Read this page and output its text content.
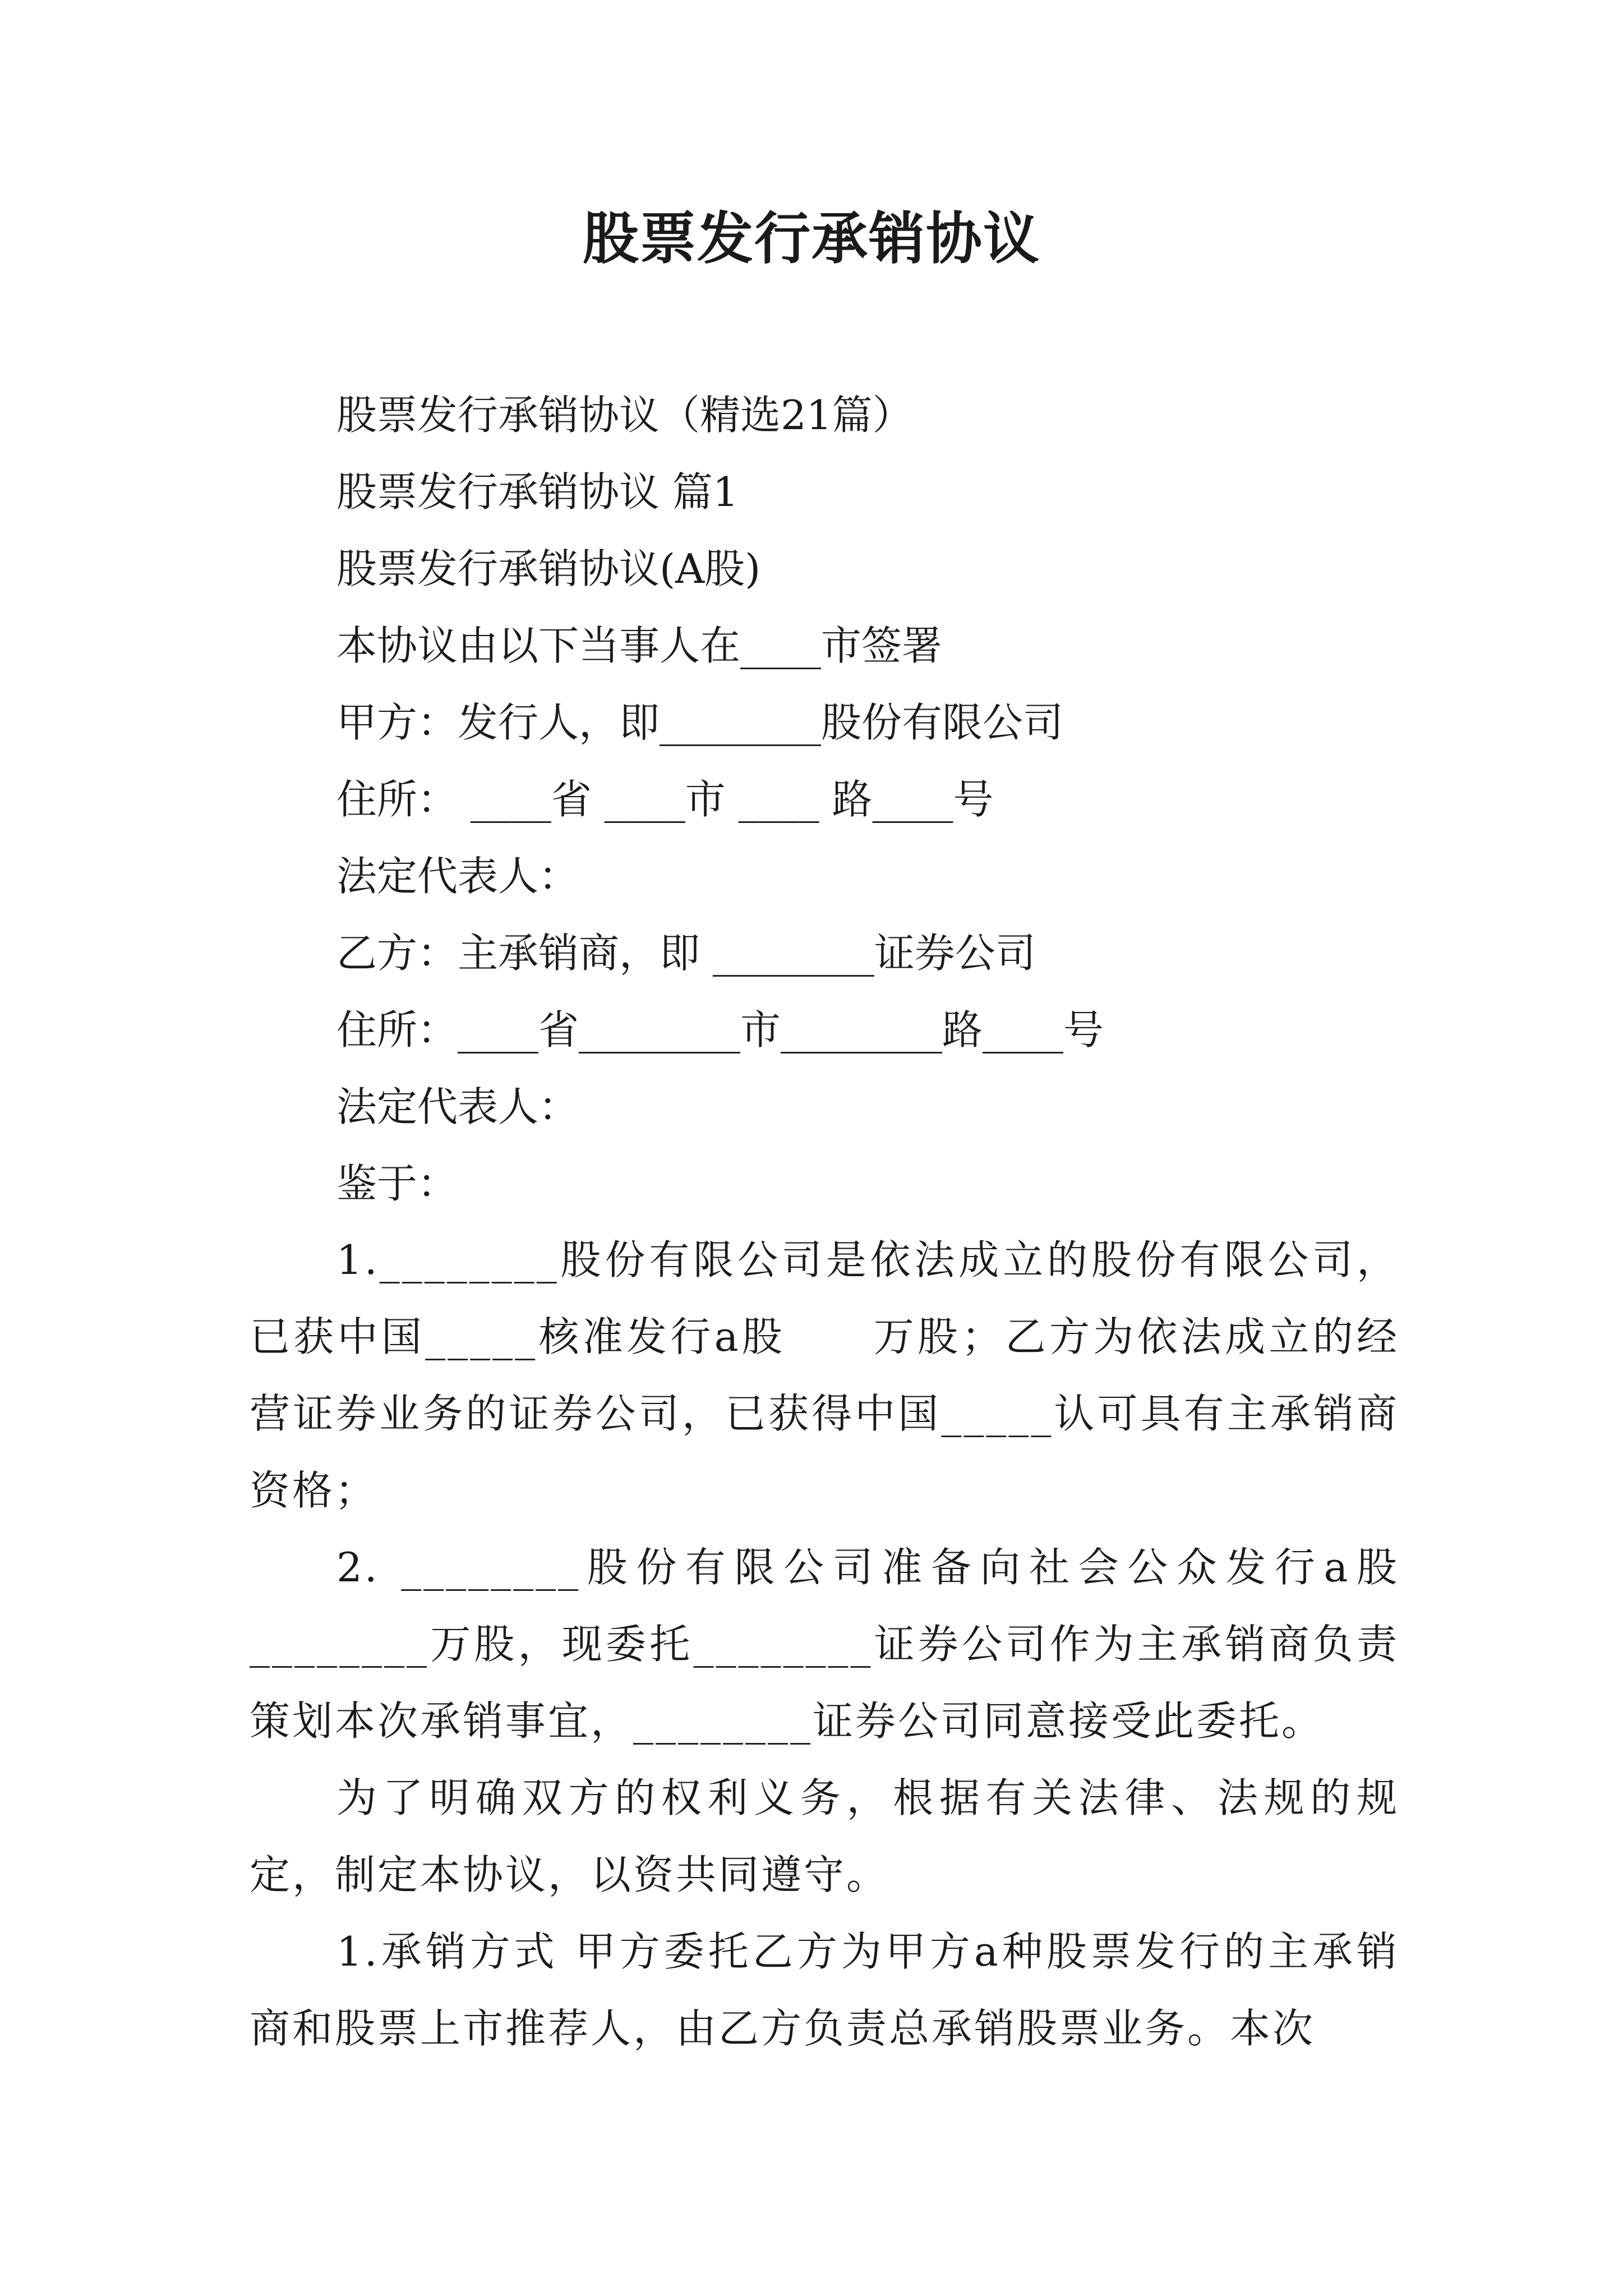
股票发行承销协议

股票发行承销协议（精选21篇）

股票发行承销协议 篇1

股票发行承销协议(A股)

本协议由以下当事人在____市签署

甲方：发行人，即________股份有限公司

住所： ____省 ____市 ____ 路____号

法定代表人：

乙方：主承销商，即 ________证券公司

住所：____省________市________路____号

法定代表人：

鉴于：

1.________股份有限公司是依法成立的股份有限公司，已获中国_____核准发行a股　　万股；乙方为依法成立的经营证券业务的证券公司，已获得中国_____认可具有主承销商资格；

2. ________股份有限公司准备向社会公众发行a股________万股，现委托________证券公司作为主承销商负责策划本次承销事宜，________证券公司同意接受此委托。

为了明确双方的权利义务，根据有关法律、法规的规定，制定本协议，以资共同遵守。

1.承销方式 甲方委托乙方为甲方a种股票发行的主承销商和股票上市推荐人，由乙方负责总承销股票业务。本次
